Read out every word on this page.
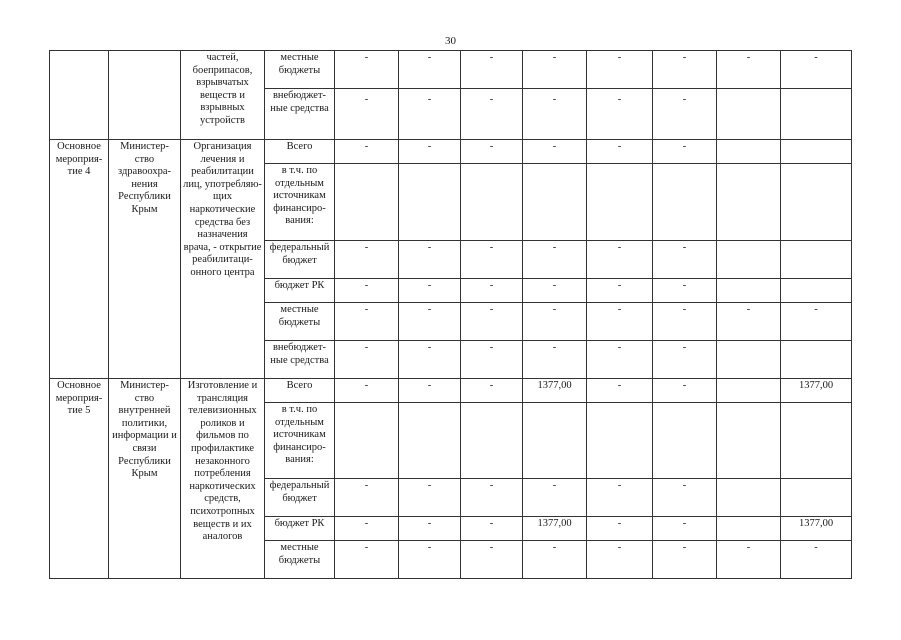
30
		частей, боеприпасов, взрывчатых веществ и взрывных устройств	местные бюджеты	-	-	-	-	-	-	-	-
			внебюджет-ные средства	-	-	-	-	-	-		
Основное мероприя-тие 4	Министер-ство здравоохра-нения Республики Крым	Организация лечения и реабилитации лиц, употребляю-щих наркотические средства без назначения врача, - открытие реабилитаци-онного центра	Всего	-	-	-	-	-	-		
			в т.ч. по отдельным источникам финансиро-вания:								
			федеральный бюджет	-	-	-	-	-	-		
			бюджет РК	-	-	-	-	-	-		
			местные бюджеты	-	-	-	-	-	-	-	-
			внебюджет-ные средства	-	-	-	-	-	-		
Основное мероприя-тие 5	Министер-ство внутренней политики, информации и связи Республики Крым	Изготовление и трансляция телевизионных роликов и фильмов по профилактике незаконного потребления наркотических средств, психотропных веществ и их аналогов	Всего	-	-	-	1377,00	-	-		1377,00
			в т.ч. по отдельным источникам финансиро-вания:								
			федеральный бюджет	-	-	-	-	-	-		
			бюджет РК	-	-	-	1377,00	-	-		1377,00
			местные бюджеты	-	-	-	-	-	-	-	-
